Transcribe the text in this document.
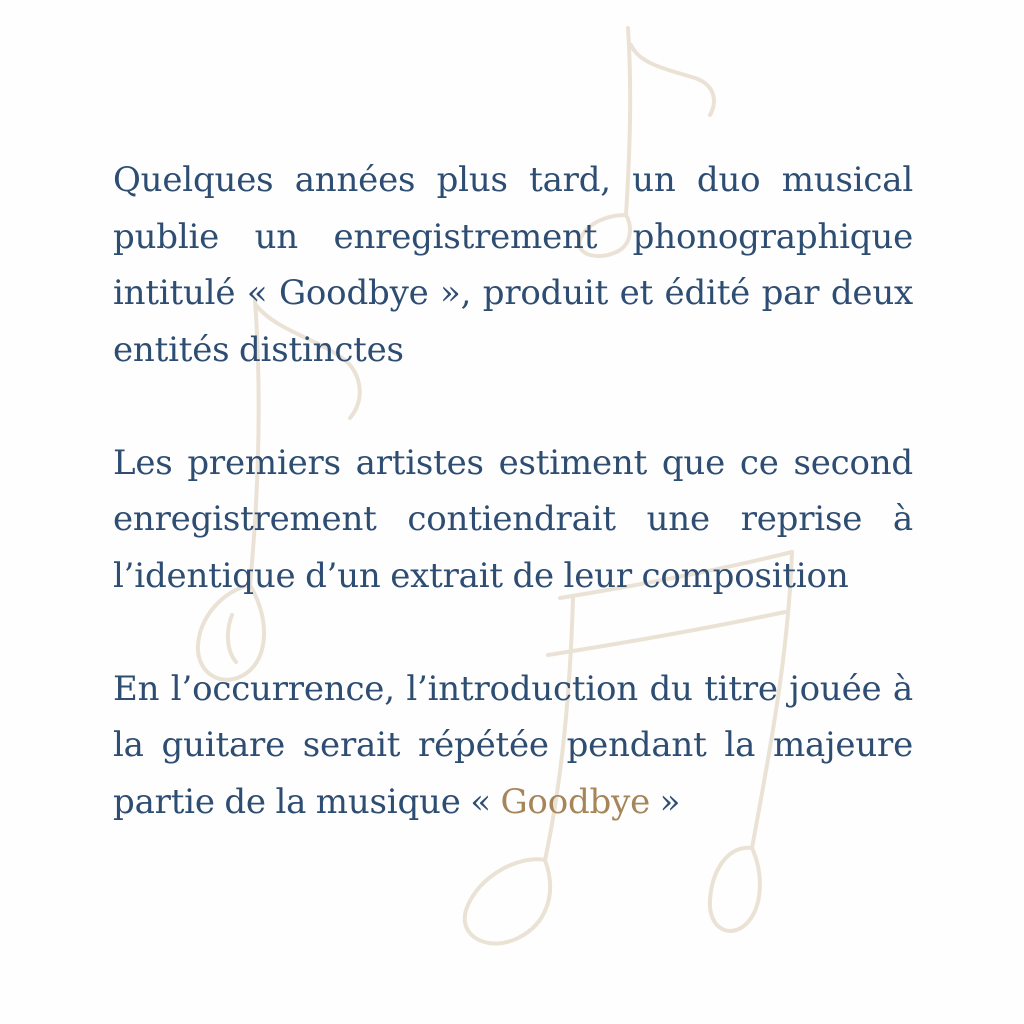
Quelques années plus tard, un duo musical publie un enregistrement phonographique intitulé « Goodbye », produit et édité par deux entités distinctes

Les premiers artistes estiment que ce second enregistrement contiendrait une reprise à l’identique d’un extrait de leur composition

En l’occurrence, l’introduction du titre jouée à la guitare serait répétée pendant la majeure partie de la musique « Goodbye »
